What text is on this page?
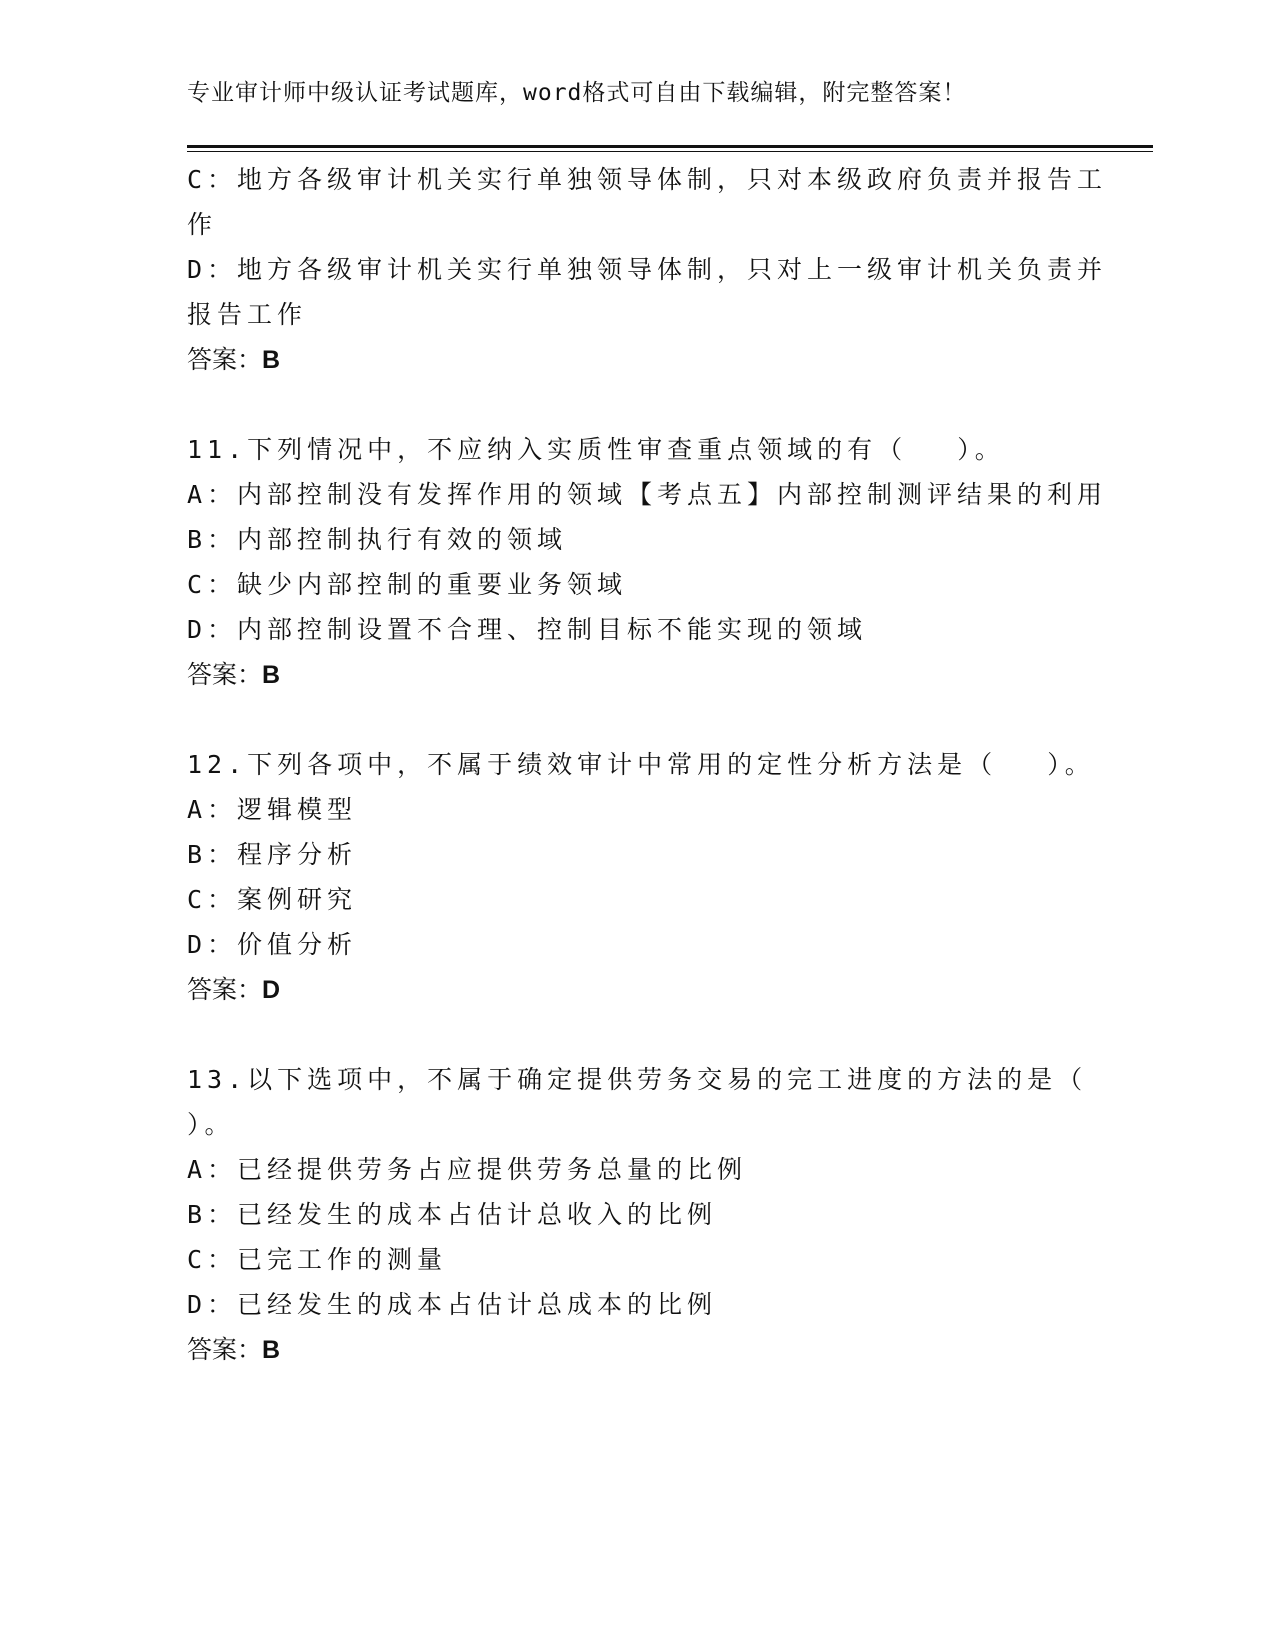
专业审计师中级认证考试题库，word格式可自由下载编辑，附完整答案！
C：地方各级审计机关实行单独领导体制，只对本级政府负责并报告工
作
D：地方各级审计机关实行单独领导体制，只对上一级审计机关负责并
报告工作
答案：B
11.下列情况中，不应纳入实质性审查重点领域的有（　 ）。
A：内部控制没有发挥作用的领域【考点五】内部控制测评结果的利用
B：内部控制执行有效的领域
C：缺少内部控制的重要业务领域
D：内部控制设置不合理、控制目标不能实现的领域
答案：B
12.下列各项中，不属于绩效审计中常用的定性分析方法是（　 ）。
A：逻辑模型
B：程序分析
C：案例研究
D：价值分析
答案：D
13.以下选项中，不属于确定提供劳务交易的完工进度的方法的是（
）。
A：已经提供劳务占应提供劳务总量的比例
B：已经发生的成本占估计总收入的比例
C：已完工作的测量
D：已经发生的成本占估计总成本的比例
答案：B
